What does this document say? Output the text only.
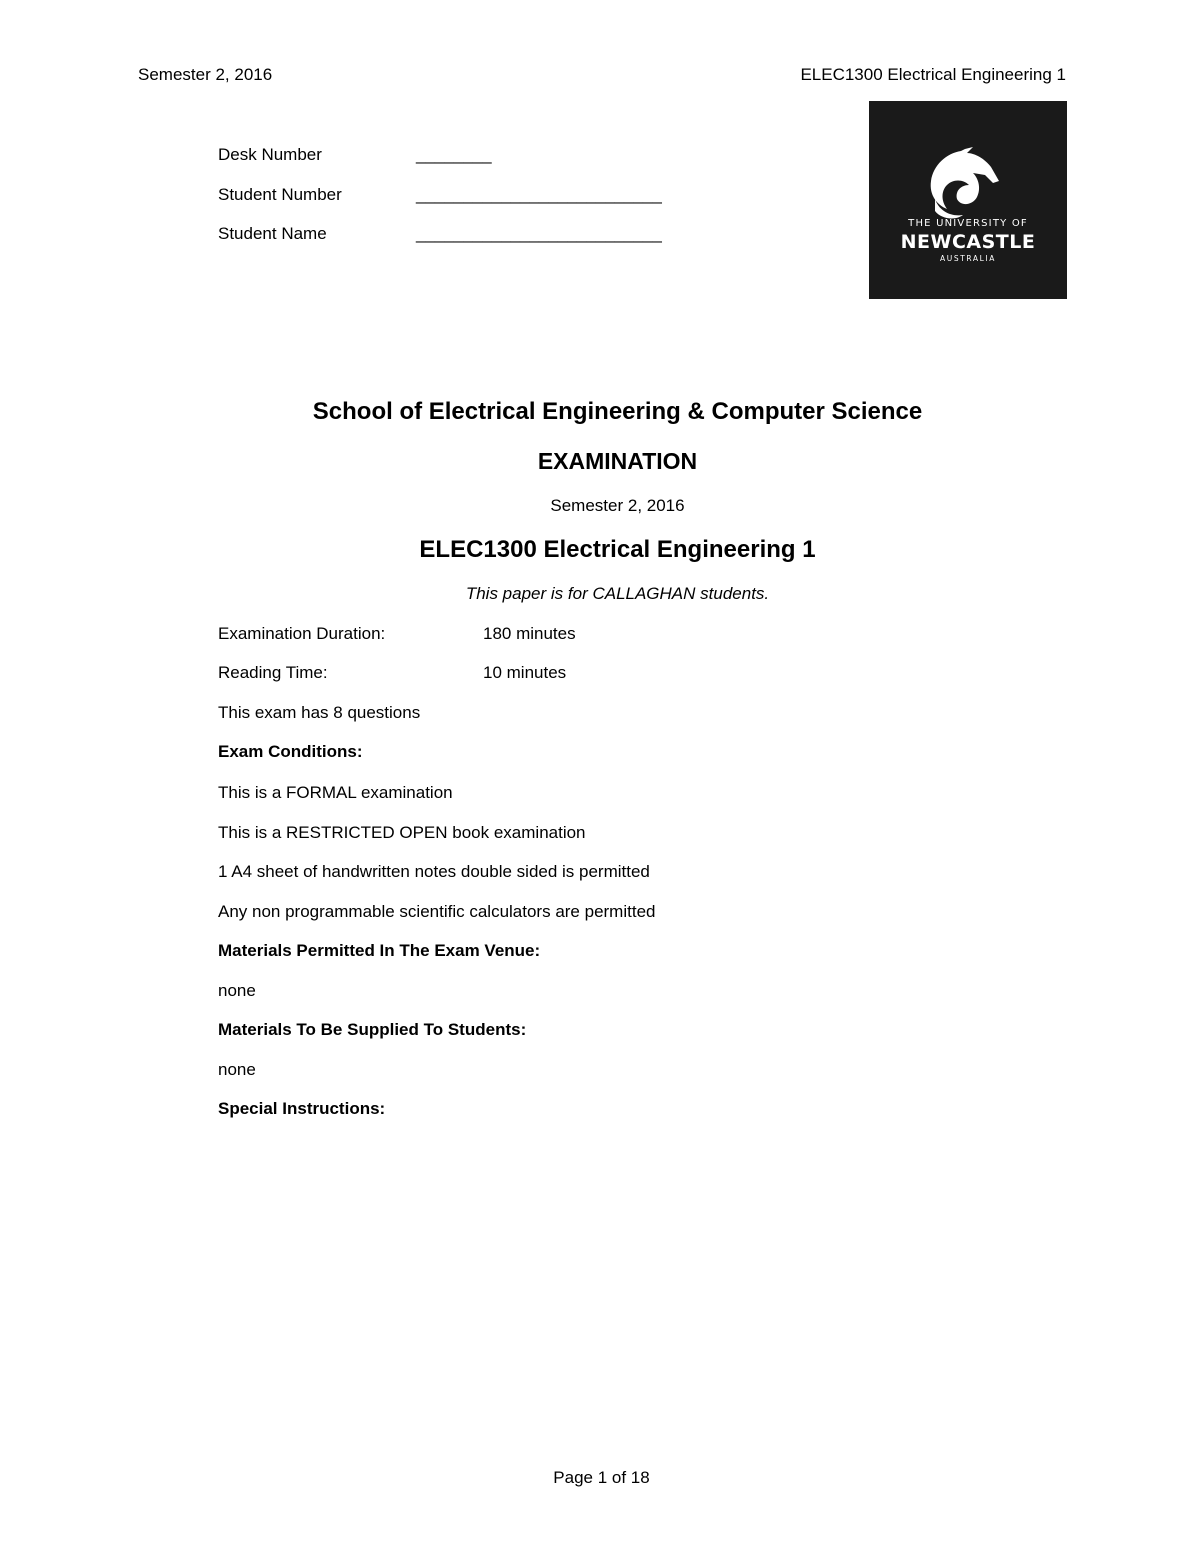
Semester 2, 2016	ELEC1300 Electrical Engineering 1
Desk Number	________
Student Number	__________________________
Student Name	__________________________
THE UNIVERSITY OF
NEWCASTLE
AUSTRALIA
School of Electrical Engineering & Computer Science
EXAMINATION
Semester 2, 2016
ELEC1300 Electrical Engineering 1
This paper is for CALLAGHAN students.
Examination Duration:	180 minutes
Reading Time:	10 minutes
This exam has 8 questions
Exam Conditions:
This is a FORMAL examination
This is a RESTRICTED OPEN book examination
1 A4 sheet of handwritten notes double sided is permitted
Any non programmable scientific calculators are permitted
Materials Permitted In The Exam Venue:
none
Materials To Be Supplied To Students:
none
Special Instructions:
Page 1 of 18
